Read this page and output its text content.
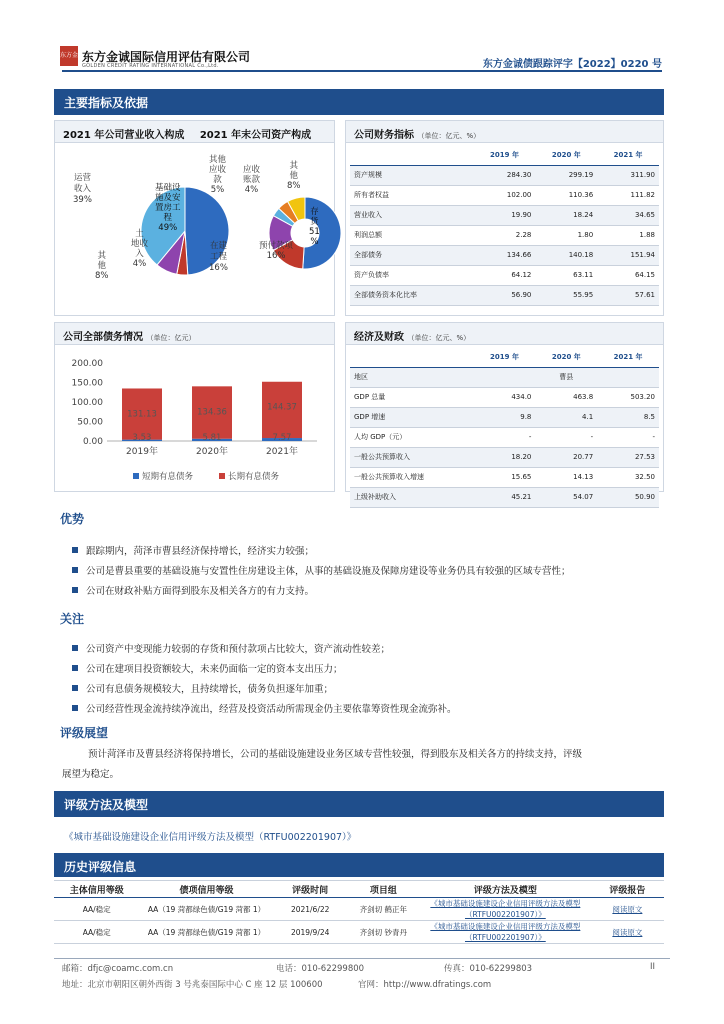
东方金诚
东方金诚国际信用评估有限公司
GOLDEN CREDIT RATING INTERNATIONAL Co.,Ltd.	东方金诚债跟踪评字【2022】0220 号
主要指标及依据
2021 年公司营业收入构成 2021 年末公司资产构成
基础设
施及安
置房工
程
49%
土
地收
入
4%
其
他
8%
运营
收入
39%
存
货
51
%
预付款项
16%
在建
工程
16%
应收
账款
4%
其他
应收
款
5%
其
他
8%
公司财务指标 （单位：亿元、%）
	2019 年	2020 年	2021 年
资产规模	284.30	299.19	311.90
所有者权益	102.00	110.36	111.82
营业收入	19.90	18.24	34.65
利润总额	2.28	1.80	1.88
全部债务	134.66	140.18	151.94
资产负债率	64.12	63.11	64.15
全部债务资本化比率	56.90	55.95	57.61
公司全部债务情况 （单位：亿元）
200.00
150.00
100.00
50.00
0.00	3.53
131.13
2019年
5.81
134.36
2020年
7.57
144.37
2021年
短期有息债务	长期有息债务
经济及财政 （单位：亿元、%）
	2019 年	2020 年	2021 年
地区	曹县		
GDP 总量	434.0	463.8	503.20
GDP 增速	9.8	4.1	8.5
人均 GDP（元）	-	-	-
一般公共预算收入	18.20	20.77	27.53
一般公共预算收入增速	15.65	14.13	32.50
上级补助收入	45.21	54.07	50.90
优势
跟踪期内，菏泽市曹县经济保持增长，经济实力较强；
公司是曹县重要的基础设施与安置性住房建设主体，从事的基础设施及保障房建设等业务仍具有较强的区域专营性；
公司在财政补贴方面得到股东及相关各方的有力支持。
关注
公司资产中变现能力较弱的存货和预付款项占比较大，资产流动性较差；
公司在建项目投资额较大，未来仍面临一定的资本支出压力；
公司有息债务规模较大，且持续增长，债务负担逐年加重；
公司经营性现金流持续净流出，经营及投资活动所需现金仍主要依靠筹资性现金流弥补。
评级展望
预计菏泽市及曹县经济将保持增长，公司的基础设施建设业务区域专营性较强，得到股东及相关各方的持续支持，评级
展望为稳定。
评级方法及模型
《城市基础设施建设企业信用评级方法及模型（RTFU002201907）》
历史评级信息
主体信用等级	债项信用等级	评级时间	项目组	评级方法及模型	评级报告
AA/稳定	AA（19 菏都绿色债/G19 菏都 1）	2021/6/22	齐剑切 鹤正年	《城市基础设施建设企业信用评级方法及模型
（RTFU002201907）》	阅读原文
AA/稳定	AA（19 菏都绿色债/G19 菏都 1）	2019/9/24	齐剑切 钞青丹	《城市基础设施建设企业信用评级方法及模型
（RTFU002201907）》	阅读原文
邮箱：dfjc@coamc.com.cn	电话：010-62299800	传真：010-62299803	II
地址：北京市朝阳区朝外西街 3 号兆泰国际中心 C 座 12 层 100600	官网：http://www.dfratings.com
